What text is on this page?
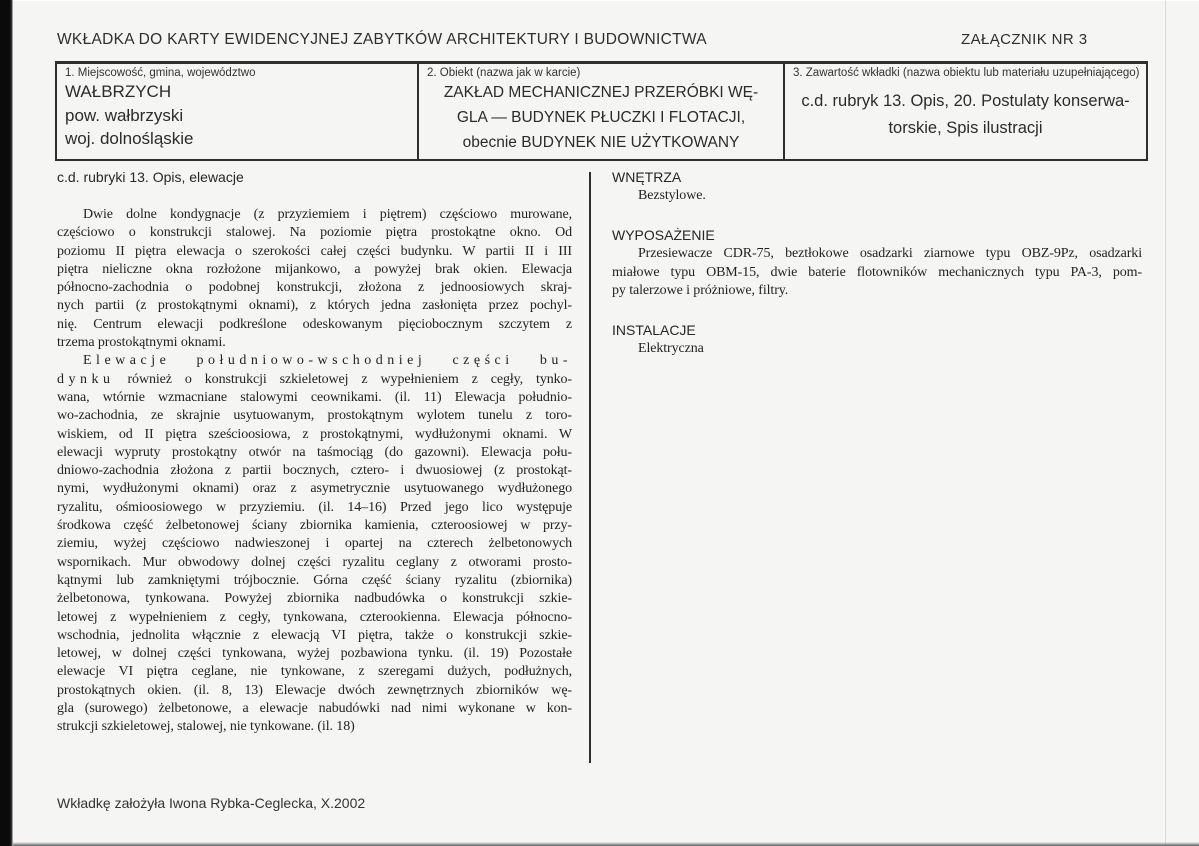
WKŁADKA DO KARTY EWIDENCYJNEJ ZABYTKÓW ARCHITEKTURY I BUDOWNICTWA	ZAŁĄCZNIK NR 3
1. Miejscowość, gmina, województwo
WAŁBRZYCH
pow. wałbrzyski
woj. dolnośląskie
2. Obiekt (nazwa jak w karcie)
ZAKŁAD MECHANICZNEJ PRZERÓBKI WĘ-
GLA — BUDYNEK PŁUCZKI I FLOTACJI,
obecnie BUDYNEK NIE UŻYTKOWANY
3. Zawartość wkładki (nazwa obiektu lub materiału uzupełniającego)
c.d. rubryk 13. Opis, 20. Postulaty konserwa-
torskie, Spis ilustracji
c.d. rubryki 13. Opis, elewacje
Dwie dolne kondygnacje (z przyziemiem i piętrem) częściowo murowane,
częściowo o konstrukcji stalowej. Na poziomie piętra prostokątne okno. Od
poziomu II piętra elewacja o szerokości całej części budynku. W partii II i III
piętra nieliczne okna rozłożone mijankowo, a powyżej brak okien. Elewacja
północno-zachodnia o podobnej konstrukcji, złożona z jednoosiowych skraj-
nych partii (z prostokątnymi oknami), z których jedna zasłonięta przez pochyl-
nię. Centrum elewacji podkreślone odeskowanym pięciobocznym szczytem z
trzema prostokątnymi oknami.
Elewacje południowo-wschodniej części bu-
dynku również o konstrukcji szkieletowej z wypełnieniem z cegły, tynko-
wana, wtórnie wzmacniane stalowymi ceownikami. (il. 11) Elewacja południo-
wo-zachodnia, ze skrajnie usytuowanym, prostokątnym wylotem tunelu z toro-
wiskiem, od II piętra sześcioosiowa, z prostokątnymi, wydłużonymi oknami. W
elewacji wypruty prostokątny otwór na taśmociąg (do gazowni). Elewacja połu-
dniowo-zachodnia złożona z partii bocznych, cztero- i dwuosiowej (z prostokąt-
nymi, wydłużonymi oknami) oraz z asymetrycznie usytuowanego wydłużonego
ryzalitu, ośmioosiowego w przyziemiu. (il. 14–16) Przed jego lico występuje
środkowa część żelbetonowej ściany zbiornika kamienia, czteroosiowej w przy-
ziemiu, wyżej częściowo nadwieszonej i opartej na czterech żelbetonowych
wspornikach. Mur obwodowy dolnej części ryzalitu ceglany z otworami prosto-
kątnymi lub zamkniętymi trójbocznie. Górna część ściany ryzalitu (zbiornika)
żelbetonowa, tynkowana. Powyżej zbiornika nadbudówka o konstrukcji szkie-
letowej z wypełnieniem z cegły, tynkowana, czterookienna. Elewacja północno-
wschodnia, jednolita włącznie z elewacją VI piętra, także o konstrukcji szkie-
letowej, w dolnej części tynkowana, wyżej pozbawiona tynku. (il. 19) Pozostałe
elewacje VI piętra ceglane, nie tynkowane, z szeregami dużych, podłużnych,
prostokątnych okien. (il. 8, 13) Elewacje dwóch zewnętrznych zbiorników wę-
gla (surowego) żelbetonowe, a elewacje nabudówki nad nimi wykonane w kon-
strukcji szkieletowej, stalowej, nie tynkowane. (il. 18)
WNĘTRZA
Bezstylowe.
WYPOSAŻENIE
Przesiewacze CDR-75, beztłokowe osadzarki ziarnowe typu OBZ-9Pz, osadzarki
miałowe typu OBM-15, dwie baterie flotowników mechanicznych typu PA-3, pom-
py talerzowe i próżniowe, filtry.
INSTALACJE
Elektryczna
Wkładkę założyła Iwona Rybka-Ceglecka, X.2002
